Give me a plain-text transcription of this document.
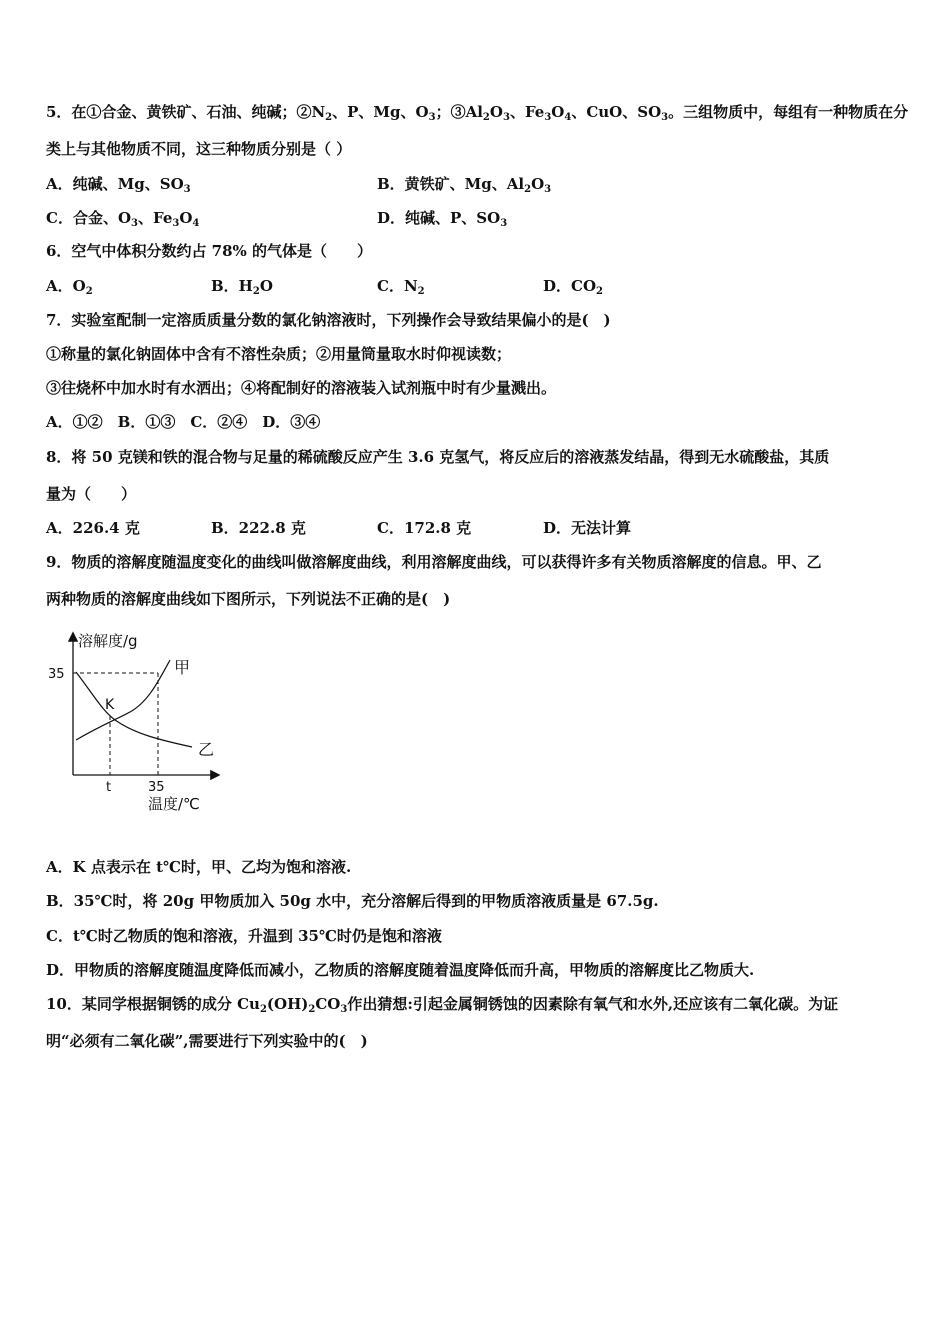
5．在①合金、黄铁矿、石油、纯碱；$②N_2$、P、Mg、$O_3$；$③Al_2O_3$、$Fe_3O_4$、CuO、$SO_3$。三组物质中，每组有一种物质在分
类上与其他物质不同，这三种物质分别是（ ）
A．纯碱、Mg、$SO_3$	B．黄铁矿、Mg、$Al_2O_3$
C．合金、$O_3$、$Fe_3O_4$	D．纯碱、P、$SO_3$
6．空气中体积分数约占 78% 的气体是（　　）
A．$O_2$	B．$H_2O$	C．$N_2$	D．$CO_2$
7．实验室配制一定溶质质量分数的氯化钠溶液时，下列操作会导致结果偏小的是(　)
①称量的氯化钠固体中含有不溶性杂质；②用量筒量取水时仰视读数；
③往烧杯中加水时有水洒出；④将配制好的溶液装入试剂瓶中时有少量溅出。
A．①②　B．①③　C．②④　D．③④
8．将 50 克镁和铁的混合物与足量的稀硫酸反应产生 3.6 克氢气，将反应后的溶液蒸发结晶，得到无水硫酸盐，其质
量为（　　）
A．226.4 克	B．222.8 克	C．172.8 克	D．无法计算
9．物质的溶解度随温度变化的曲线叫做溶解度曲线，利用溶解度曲线，可以获得许多有关物质溶解度的信息。甲、乙
两种物质的溶解度曲线如下图所示，下列说法不正确的是(　)
溶解度/g
35
K
甲
乙
t	35
温度/℃
A．K 点表示在 t℃时，甲、乙均为饱和溶液.
B．35℃时，将 20g 甲物质加入 50g 水中，充分溶解后得到的甲物质溶液质量是 67.5g.
C．t℃时乙物质的饱和溶液，升温到 35℃时仍是饱和溶液
D．甲物质的溶解度随温度降低而减小，乙物质的溶解度随着温度降低而升高，甲物质的溶解度比乙物质大.
10．某同学根据铜锈的成分 $Cu_2(OH)_2CO_3$作出猜想:引起金属铜锈蚀的因素除有氧气和水外,还应该有二氧化碳。为证
明“必须有二氧化碳”,需要进行下列实验中的(　)
